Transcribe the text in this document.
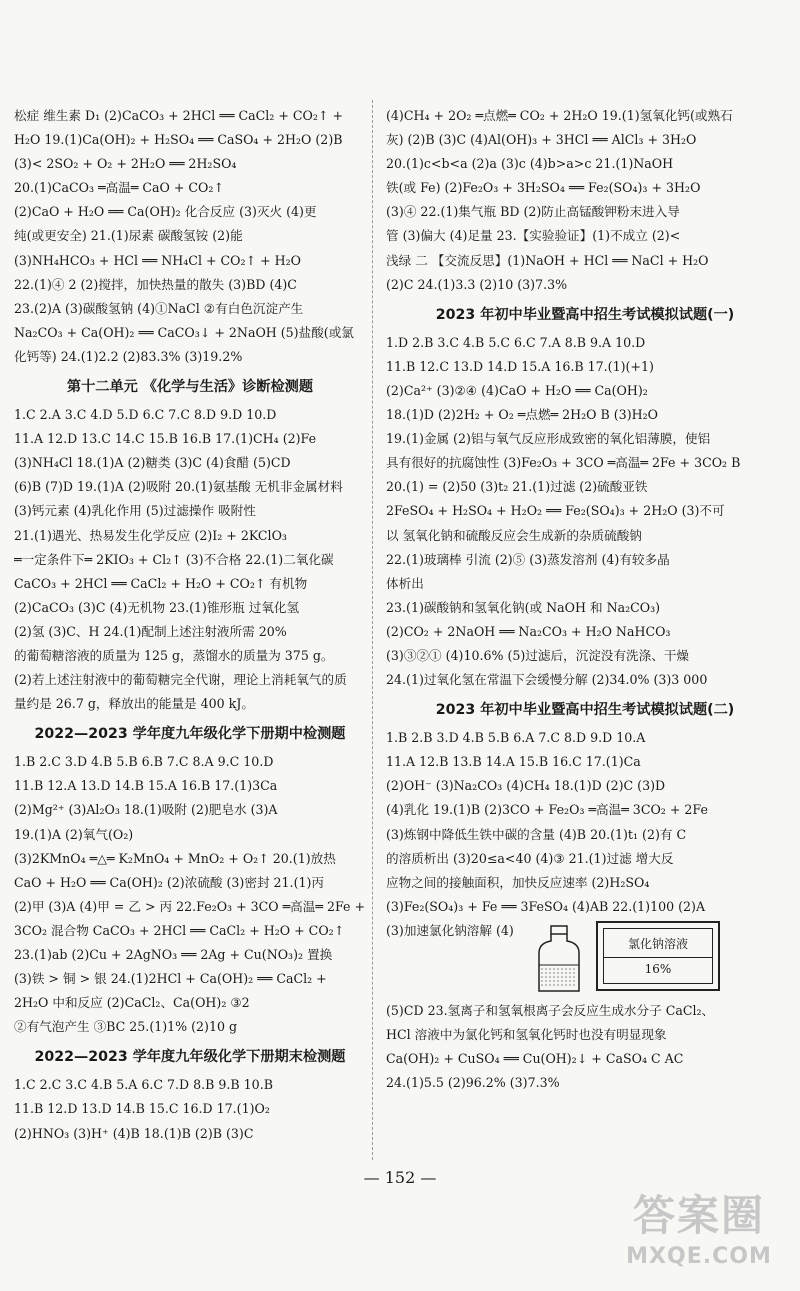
松症 维生素 D₁ (2)CaCO₃ + 2HCl ══ CaCl₂ + CO₂↑ +
H₂O 19.(1)Ca(OH)₂ + H₂SO₄ ══ CaSO₄ + 2H₂O (2)B
(3)< 2SO₂ + O₂ + 2H₂O ══ 2H₂SO₄
20.(1)CaCO₃ ═高温═ CaO + CO₂↑
(2)CaO + H₂O ══ Ca(OH)₂ 化合反应 (3)灭火 (4)更
纯(或更安全) 21.(1)尿素 碳酸氢铵 (2)能
(3)NH₄HCO₃ + HCl ══ NH₄Cl + CO₂↑ + H₂O
22.(1)④ 2 (2)搅拌，加快热量的散失 (3)BD (4)C
23.(2)A (3)碳酸氢钠 (4)①NaCl ②有白色沉淀产生
Na₂CO₃ + Ca(OH)₂ ══ CaCO₃↓ + 2NaOH (5)盐酸(或氯
化钙等) 24.(1)2.2 (2)83.3% (3)19.2%
第十二单元 《化学与生活》诊断检测题
1.C 2.A 3.C 4.D 5.D 6.C 7.C 8.D 9.D 10.D
11.A 12.D 13.C 14.C 15.B 16.B 17.(1)CH₄ (2)Fe
(3)NH₄Cl 18.(1)A (2)糖类 (3)C (4)食醋 (5)CD
(6)B (7)D 19.(1)A (2)吸附 20.(1)氨基酸 无机非金属材料
(3)钙元素 (4)乳化作用 (5)过滤操作 吸附性
21.(1)遇光、热易发生化学反应 (2)I₂ + 2KClO₃
═一定条件下═ 2KIO₃ + Cl₂↑ (3)不合格 22.(1)二氧化碳
CaCO₃ + 2HCl ══ CaCl₂ + H₂O + CO₂↑ 有机物
(2)CaCO₃ (3)C (4)无机物 23.(1)锥形瓶 过氧化氢
(2)氢 (3)C、H 24.(1)配制上述注射液所需 20%
的葡萄糖溶液的质量为 125 g，蒸馏水的质量为 375 g。
(2)若上述注射液中的葡萄糖完全代谢，理论上消耗氧气的质
量约是 26.7 g，释放出的能量是 400 kJ。
2022—2023 学年度九年级化学下册期中检测题
1.B 2.C 3.D 4.B 5.B 6.B 7.C 8.A 9.C 10.D
11.B 12.A 13.D 14.B 15.A 16.B 17.(1)3Ca
(2)Mg²⁺ (3)Al₂O₃ 18.(1)吸附 (2)肥皂水 (3)A
19.(1)A (2)氧气(O₂)
(3)2KMnO₄ ═△═ K₂MnO₄ + MnO₂ + O₂↑ 20.(1)放热
CaO + H₂O ══ Ca(OH)₂ (2)浓硫酸 (3)密封 21.(1)丙
(2)甲 (3)A (4)甲 = 乙 > 丙 22.Fe₂O₃ + 3CO ═高温═ 2Fe +
3CO₂ 混合物 CaCO₃ + 2HCl ══ CaCl₂ + H₂O + CO₂↑
23.(1)ab (2)Cu + 2AgNO₃ ══ 2Ag + Cu(NO₃)₂ 置换
(3)铁 > 铜 > 银 24.(1)2HCl + Ca(OH)₂ ══ CaCl₂ +
2H₂O 中和反应 (2)CaCl₂、Ca(OH)₂ ③2
②有气泡产生 ③BC 25.(1)1% (2)10 g
2022—2023 学年度九年级化学下册期末检测题
1.C 2.C 3.C 4.B 5.A 6.C 7.D 8.B 9.B 10.B
11.B 12.D 13.D 14.B 15.C 16.D 17.(1)O₂
(2)HNO₃ (3)H⁺ (4)B 18.(1)B (2)B (3)C
(4)CH₄ + 2O₂ ═点燃═ CO₂ + 2H₂O 19.(1)氢氧化钙(或熟石
灰) (2)B (3)C (4)Al(OH)₃ + 3HCl ══ AlCl₃ + 3H₂O
20.(1)c<b<a (2)a (3)c (4)b>a>c 21.(1)NaOH
铁(或 Fe) (2)Fe₂O₃ + 3H₂SO₄ ══ Fe₂(SO₄)₃ + 3H₂O
(3)④ 22.(1)集气瓶 BD (2)防止高锰酸钾粉末进入导
管 (3)偏大 (4)足量 23.【实验验证】(1)不成立 (2)<
浅绿 二 【交流反思】(1)NaOH + HCl ══ NaCl + H₂O
(2)C 24.(1)3.3 (2)10 (3)7.3%
2023 年初中毕业暨高中招生考试模拟试题(一)
1.D 2.B 3.C 4.B 5.C 6.C 7.A 8.B 9.A 10.D
11.B 12.C 13.D 14.D 15.A 16.B 17.(1)(+1)
(2)Ca²⁺ (3)②④ (4)CaO + H₂O ══ Ca(OH)₂
18.(1)D (2)2H₂ + O₂ ═点燃═ 2H₂O B (3)H₂O
19.(1)金属 (2)铝与氧气反应形成致密的氧化铝薄膜，使铝
具有很好的抗腐蚀性 (3)Fe₂O₃ + 3CO ═高温═ 2Fe + 3CO₂ B
20.(1) = (2)50 (3)t₂ 21.(1)过滤 (2)硫酸亚铁
2FeSO₄ + H₂SO₄ + H₂O₂ ══ Fe₂(SO₄)₃ + 2H₂O (3)不可
以 氢氧化钠和硫酸反应会生成新的杂质硫酸钠
22.(1)玻璃棒 引流 (2)⑤ (3)蒸发溶剂 (4)有较多晶
体析出
23.(1)碳酸钠和氢氧化钠(或 NaOH 和 Na₂CO₃)
(2)CO₂ + 2NaOH ══ Na₂CO₃ + H₂O NaHCO₃
(3)③②① (4)10.6% (5)过滤后，沉淀没有洗涤、干燥
24.(1)过氧化氢在常温下会缓慢分解 (2)34.0% (3)3 000
2023 年初中毕业暨高中招生考试模拟试题(二)
1.B 2.B 3.D 4.B 5.B 6.A 7.C 8.D 9.D 10.A
11.A 12.B 13.B 14.A 15.B 16.C 17.(1)Ca
(2)OH⁻ (3)Na₂CO₃ (4)CH₄ 18.(1)D (2)C (3)D
(4)乳化 19.(1)B (2)3CO + Fe₂O₃ ═高温═ 3CO₂ + 2Fe
(3)炼钢中降低生铁中碳的含量 (4)B 20.(1)t₁ (2)有 C
的溶质析出 (3)20≤a<40 (4)③ 21.(1)过滤 增大反
应物之间的接触面积，加快反应速率 (2)H₂SO₄
(3)Fe₂(SO₄)₃ + Fe ══ 3FeSO₄ (4)AB 22.(1)100 (2)A
(3)加速氯化钠溶解 (4)
氯化钠溶液
16%
(5)CD 23.氢离子和氢氧根离子会反应生成水分子 CaCl₂、
HCl 溶液中为氯化钙和氢氧化钙时也没有明显现象
Ca(OH)₂ + CuSO₄ ══ Cu(OH)₂↓ + CaSO₄ C AC
24.(1)5.5 (2)96.2% (3)7.3%
— 152 —
答案圈
MXQE.COM
